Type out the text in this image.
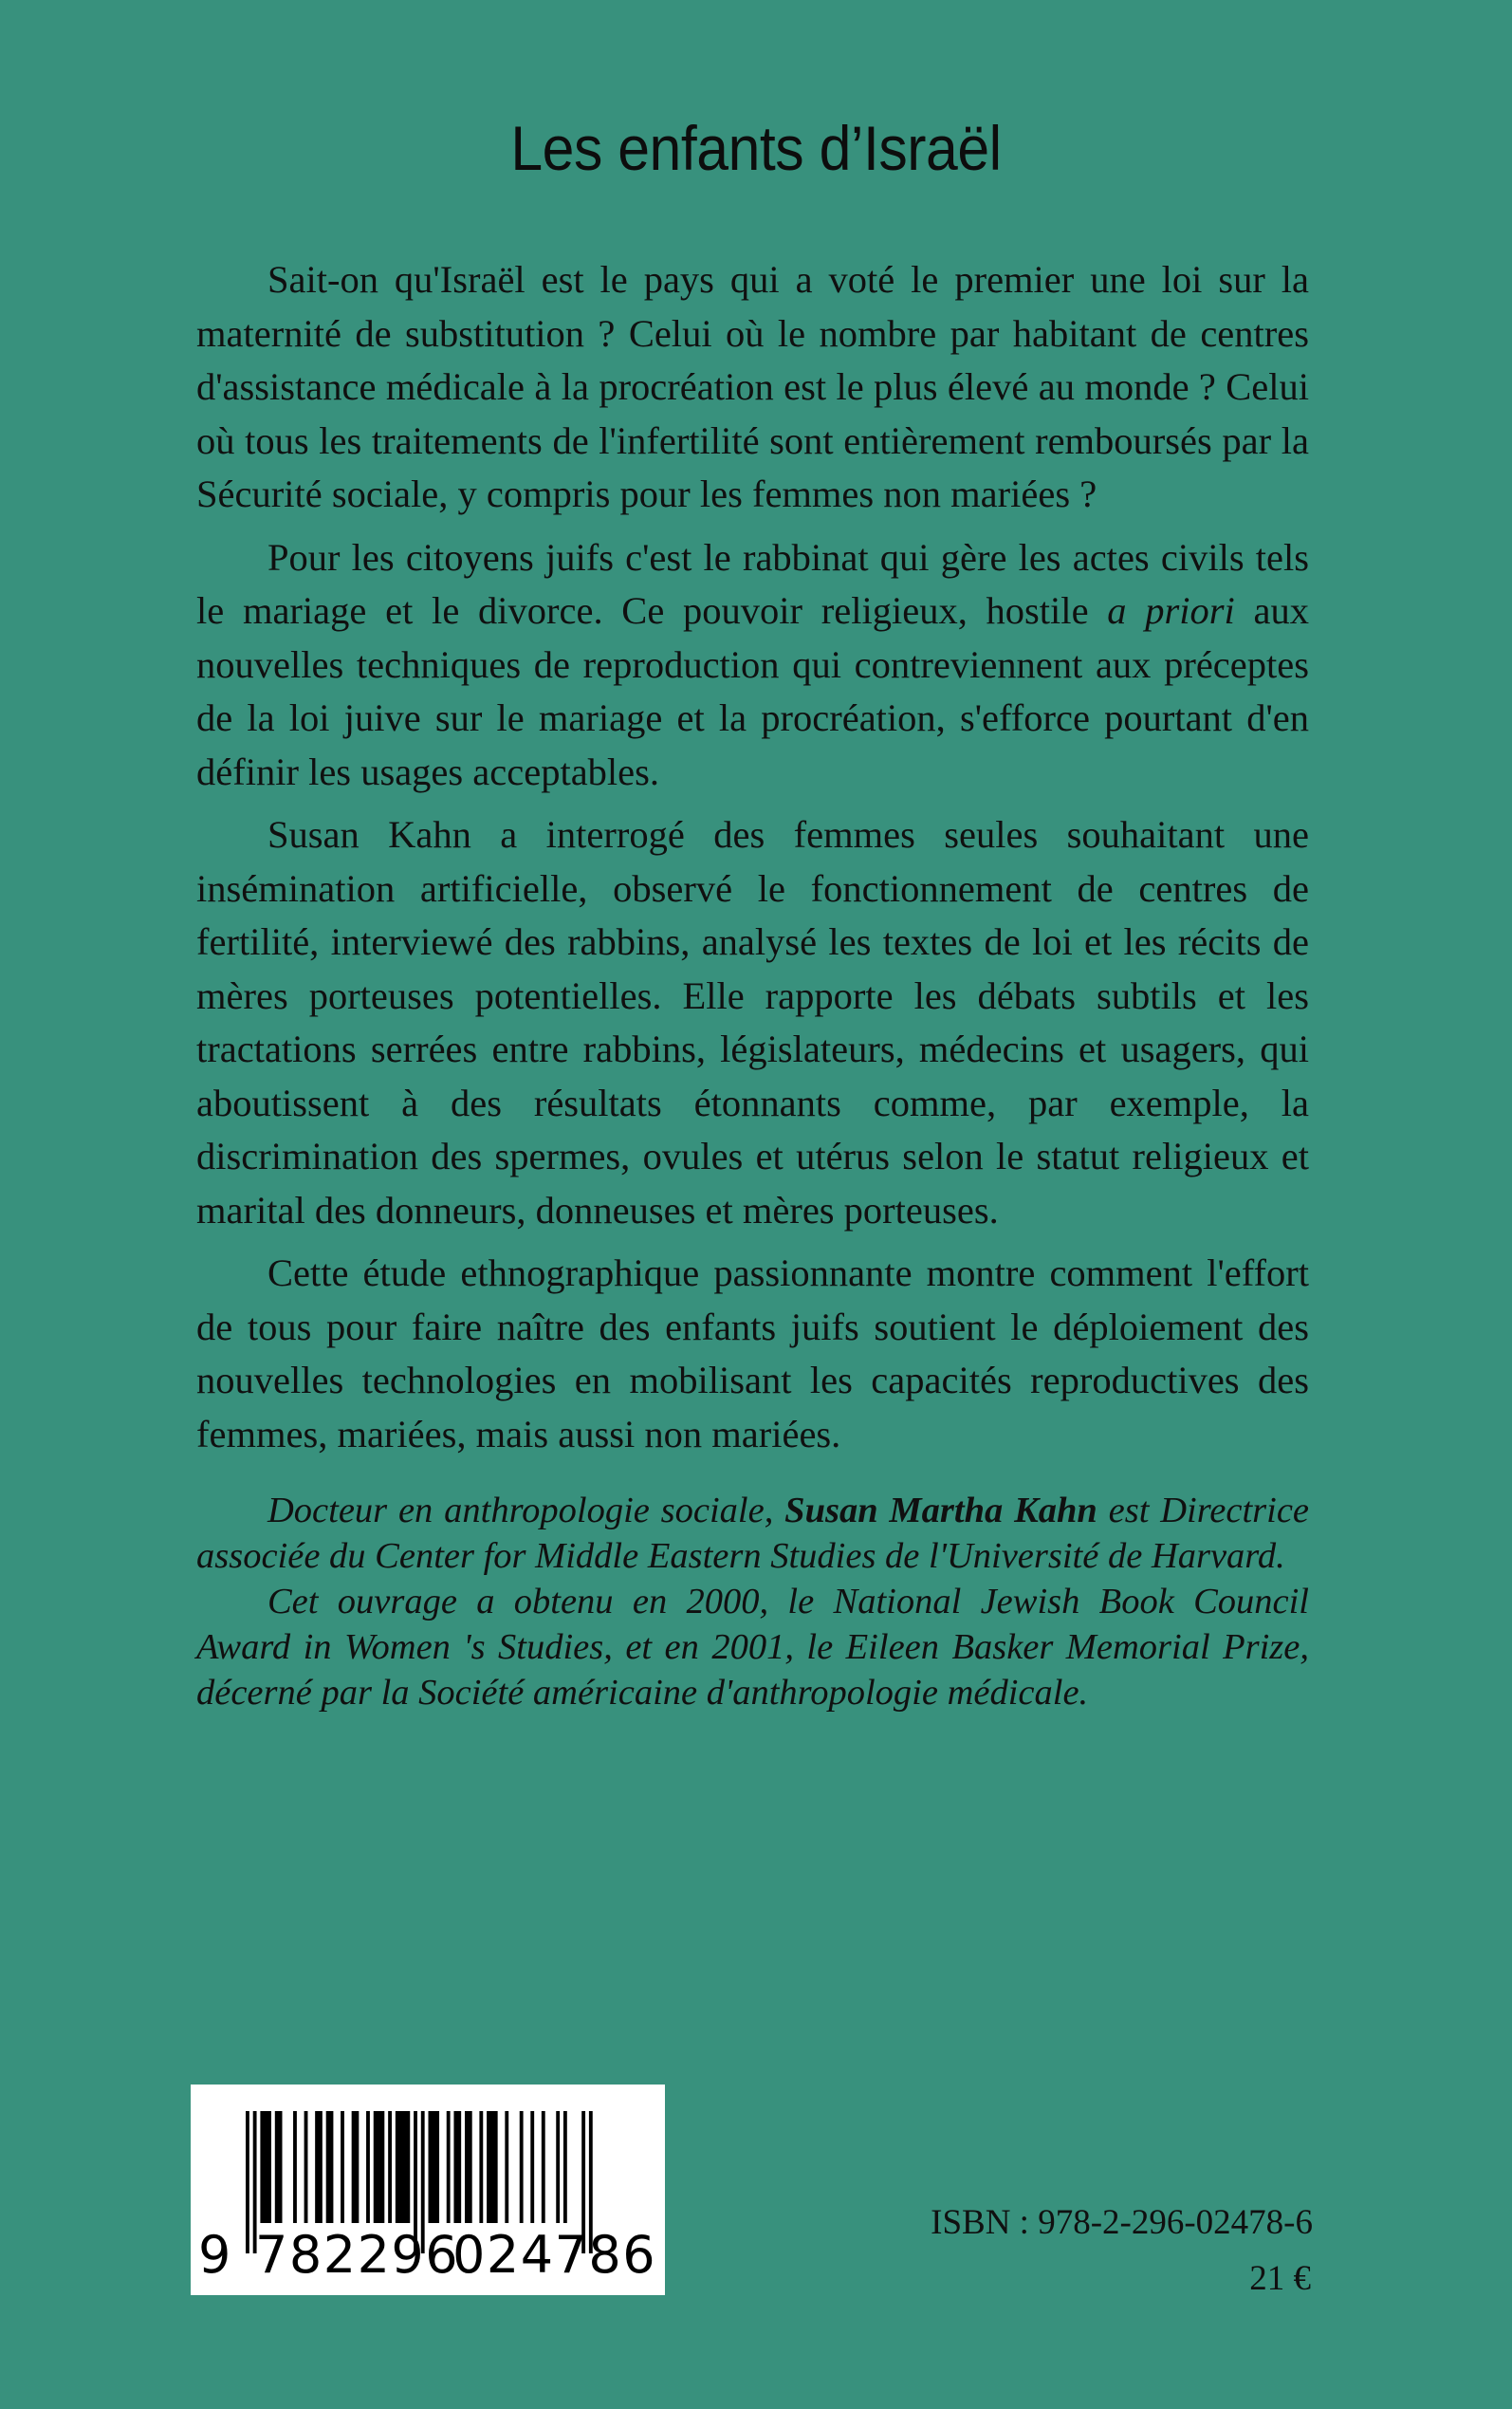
Les enfants d’Israël

Sait-on qu'Israël est le pays qui a voté le premier une loi sur la maternité de substitution ? Celui où le nombre par habitant de centres d'assistance médicale à la procréation est le plus élevé au monde ? Celui où tous les traitements de l'infertilité sont entièrement remboursés par la Sécurité sociale, y compris pour les femmes non mariées ?

Pour les citoyens juifs c'est le rabbinat qui gère les actes civils tels le mariage et le divorce. Ce pouvoir religieux, hostile a priori aux nouvelles techniques de reproduction qui contreviennent aux préceptes de la loi juive sur le mariage et la procréation, s'efforce pourtant d'en définir les usages acceptables.

Susan Kahn a interrogé des femmes seules souhaitant une insémination artificielle, observé le fonctionnement de centres de fertilité, interviewé des rabbins, analysé les textes de loi et les récits de mères porteuses potentielles. Elle rapporte les débats subtils et les tractations serrées entre rabbins, législateurs, médecins et usagers, qui aboutissent à des résultats étonnants comme, par exemple, la discrimination des spermes, ovules et utérus selon le statut religieux et marital des donneurs, donneuses et mères porteuses.

Cette étude ethnographique passionnante montre comment l'effort de tous pour faire naître des enfants juifs soutient le déploiement des nouvelles technologies en mobilisant les capacités reproductives des femmes, mariées, mais aussi non mariées.

Docteur en anthropologie sociale, Susan Martha Kahn est Directrice associée du Center for Middle Eastern Studies de l'Université de Harvard.

Cet ouvrage a obtenu en 2000, le National Jewish Book Council Award in Women 's Studies, et en 2001, le Eileen Basker Memorial Prize, décerné par la Société américaine d'anthropologie médicale.

9 782296
024786
ISBN : 978-2-296-02478-6
21 €
